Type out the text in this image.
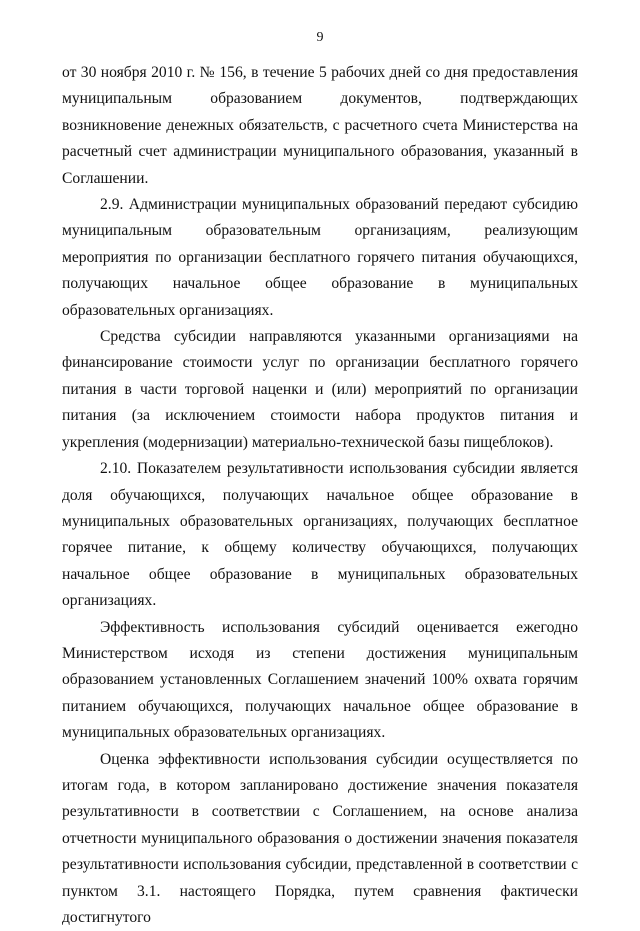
9

от 30 ноября 2010 г. № 156, в течение 5 рабочих дней со дня предоставления муниципальным образованием документов, подтверждающих возникновение денежных обязательств, с расчетного счета Министерства на расчетный счет администрации муниципального образования, указанный в Соглашении.

2.9. Администрации муниципальных образований передают субсидию муниципальным образовательным организациям, реализующим мероприятия по организации бесплатного горячего питания обучающихся, получающих начальное общее образование в муниципальных образовательных организациях.

Средства субсидии направляются указанными организациями на финансирование стоимости услуг по организации бесплатного горячего питания в части торговой наценки и (или) мероприятий по организации питания (за исключением стоимости набора продуктов питания и укрепления (модернизации) материально-технической базы пищеблоков).

2.10. Показателем результативности использования субсидии является доля обучающихся, получающих начальное общее образование в муниципальных образовательных организациях, получающих бесплатное горячее питание, к общему количеству обучающихся, получающих начальное общее образование в муниципальных образовательных организациях.

Эффективность использования субсидий оценивается ежегодно Министерством исходя из степени достижения муниципальным образованием установленных Соглашением значений 100% охвата горячим питанием обучающихся, получающих начальное общее образование в муниципальных образовательных организациях.

Оценка эффективности использования субсидии осуществляется по итогам года, в котором запланировано достижение значения показателя результативности в соответствии с Соглашением, на основе анализа отчетности муниципального образования о достижении значения показателя результативности использования субсидии, представленной в соответствии с пунктом 3.1. настоящего Порядка, путем сравнения фактически достигнутого
